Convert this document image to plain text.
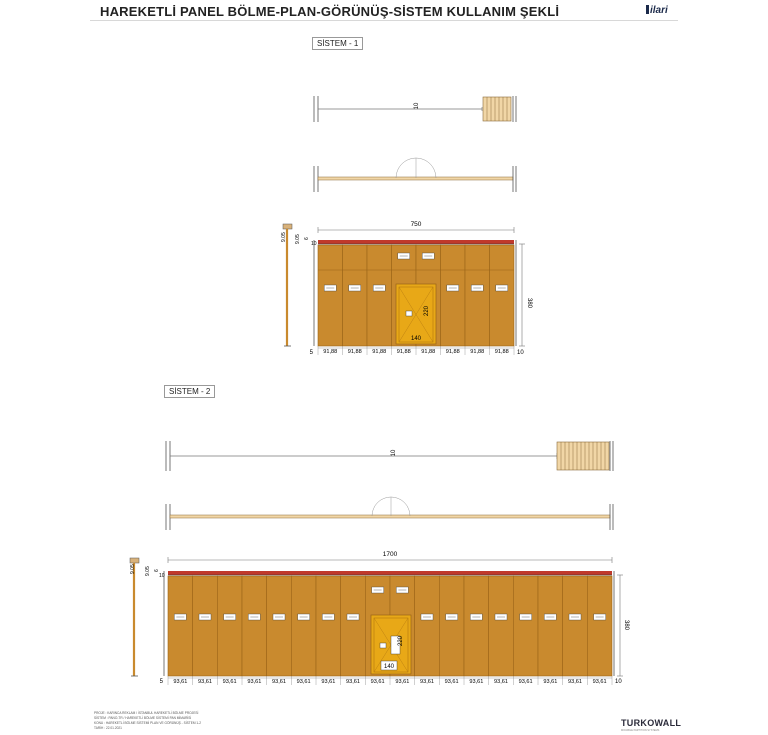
HAREKETLİ PANEL BÖLME-PLAN-GÖRÜNÜŞ-SİSTEM KULLANIM ŞEKLİ	ilari
SİSTEM - 1
SİSTEM - 2
10
750
380
220
140
5	10
91,88 91,88 91,88 91,88 91,88 91,88 91,88 91,88
9.05 9.05 6
10
10
1700
380
220
140
5	10
93,61 93,61 93,61 93,61 93,61 93,61 93,61 93,61 93,61 93,61 93,61 93,61 93,61 93,61 93,61 93,61 93,61 93,61
9.05 9.05 6
10
PROJE : KARINCA REKLAM / İSTANBUL HAREKETLİ BÖLME PROJESİ
SİSTEM : PANO-TR / HAREKETLİ BÖLME SİSTEMİ PAN MİMARİSİ
KONU : HAREKETLİ BÖLME SİSTEMİ PLAN VE GÖRÜNÜŞ - SİSTEM 1-2
TARİH : 22.01.2021	TURKOWALL
MOVABLE PARTITION SYSTEMS
